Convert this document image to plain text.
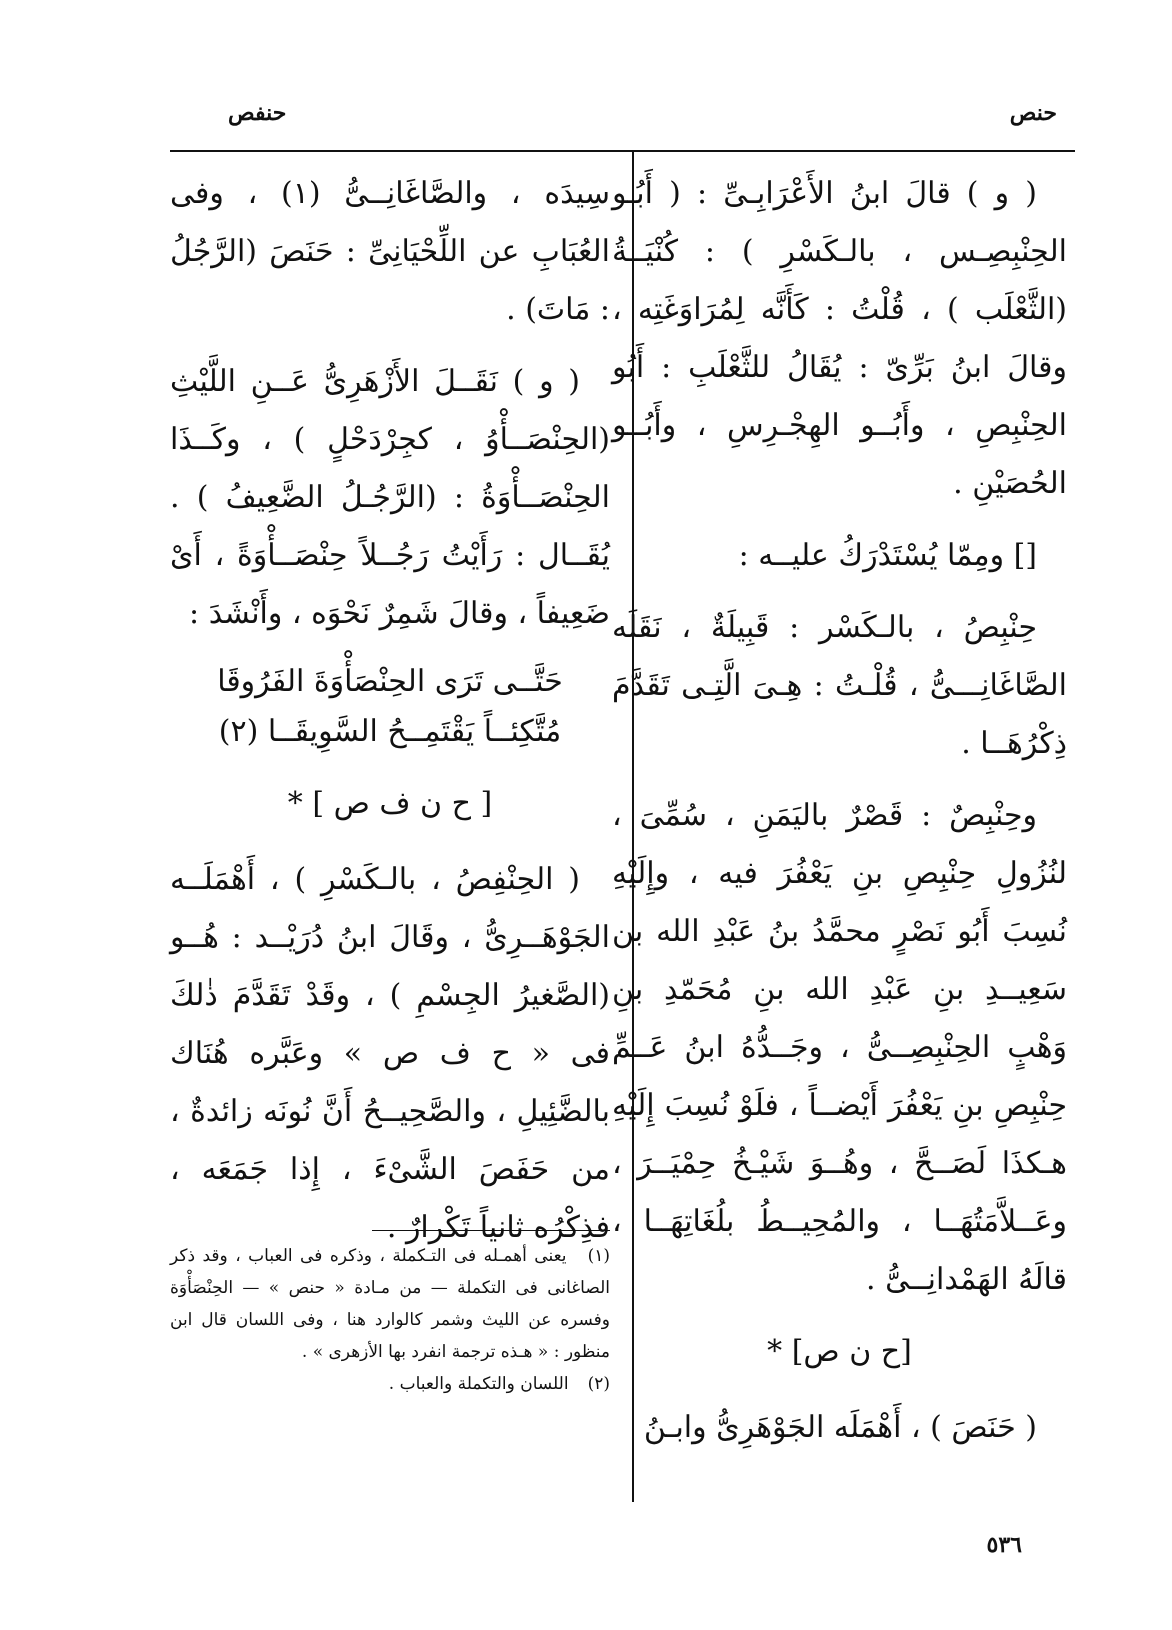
حنص
حنفص

( و ) قالَ ابنُ الأَعْرَابِـىِّ : ( أَبُـو الحِنْبِصِـس ، بالـكَسْرِ ) : كُنْيَــةُ (الثَّعْلَب ) ، قُلْتُ : كَأَنَّه لِمُرَاوَغَتِه ، وقالَ ابنُ بَرِّىّ : يُقَالُ للثَّعْلَبِ : أَبُو الحِنْبِصِ ، وأَبُــو الهِجْـرِسِ ، وأَبُــو الحُصَيْنِ .

[] ومِمّا يُسْتَدْرَكُ عليــه :

حِنْبِصُ ، بالـكَسْر : قَبِيلَةٌ ، نَقَلَه الصَّاغَانِـــىُّ ، قُلْـتُ : هِـىَ الَّتِـى تَقَدَّمَ ذِكْرُهَــا .

وحِنْبِصٌ : قَصْرٌ باليَمَنِ ، سُمِّىَ ، لنُزُولِ حِنْبِصِ بنِ يَعْفُرَ فيه ، وإِلَيْهِ نُسِبَ أَبُو نَصْرٍ محمَّدُ بنُ عَبْدِ الله بن سَعِيــدِ بنِ عَبْدِ الله بنِ مُحَمّدِ بنِ وَهْبٍ الحِنْبِصِــىُّ ، وجَــدُّهُ ابنُ عَــمِّ حِنْبِصِ بنِ يَعْفُرَ أَيْضــاً ، فلَوْ نُسِبَ إِلَيْهِ هـكذَا لَصَــحَّ ، وهُــوَ شَيْـخُ حِمْيَــرَ ، وعَــلاَّمَتُهَــا ، والمُحِيــطُ بلُغَاتِهَــا ، قالَهُ الهَمْدانِــىُّ .

[ح ن ص] *

( حَنَصَ ) ، أَهْمَلَه الجَوْهَرِىُّ وابـنُ

سِيدَه ، والصَّاغَانِــىُّ (١) ، وفى العُبَابِ عن اللِّحْيَانِىِّ : حَنَصَ (الرَّجُلُ : مَاتَ) .

( و ) نَقَــلَ الأَزْهَرِىُّ عَــنِ اللَّيْثِ (الحِنْصَــأْوُ ، كجِرْدَحْلٍ ) ، وكَــذَا الحِنْصَــأْوَةُ : (الرَّجُـلُ الضَّعِيفُ ) . يُقَــال : رَأَيْتُ رَجُــلاً حِنْصَــأْوَةً ، أَىْ ضَعِيفاً ، وقالَ شَمِرٌ نَحْوَه ، وأَنْشَدَ :

حَتَّــى تَرَى الحِنْصَأْوَةَ الفَرُوقَا
مُتَّكِئــاً يَقْتَمِــحُ السَّوِيقَــا (٢)
[ ح ن ف ص ] *

( الحِنْفِصُ ، بالـكَسْرِ ) ، أَهْمَلَــه الجَوْهَــرِىُّ ، وقَالَ ابنُ دُرَيْــد : هُــو (الصَّغيرُ الجِسْمِ ) ، وقَدْ تَقَدَّمَ ذٰلكَ فى « ح ف ص » وعَبَّره هُنَاك بالضَّئِيلِ ، والصَّحِيــحُ أَنَّ نُونَه زائدةٌ ، من حَفَصَ الشَّىْءَ ، إِذا جَمَعَه ، فذِكْرُه ثانياً تَكْرارٌ .

(١) يعنى أهمـله فى التـكملة ، وذكره فى العباب ، وقد ذكر الصاغانى فى التكملة — من مـادة « حنص » — الحِنْصَأْوَة وفسره عن الليث وشمر كالوارد هنا ، وفى اللسان قال ابن منظور : « هـذه ترجمة انفرد بها الأزهرى » .

(٢) اللسان والتكملة والعباب .

٥٣٦
